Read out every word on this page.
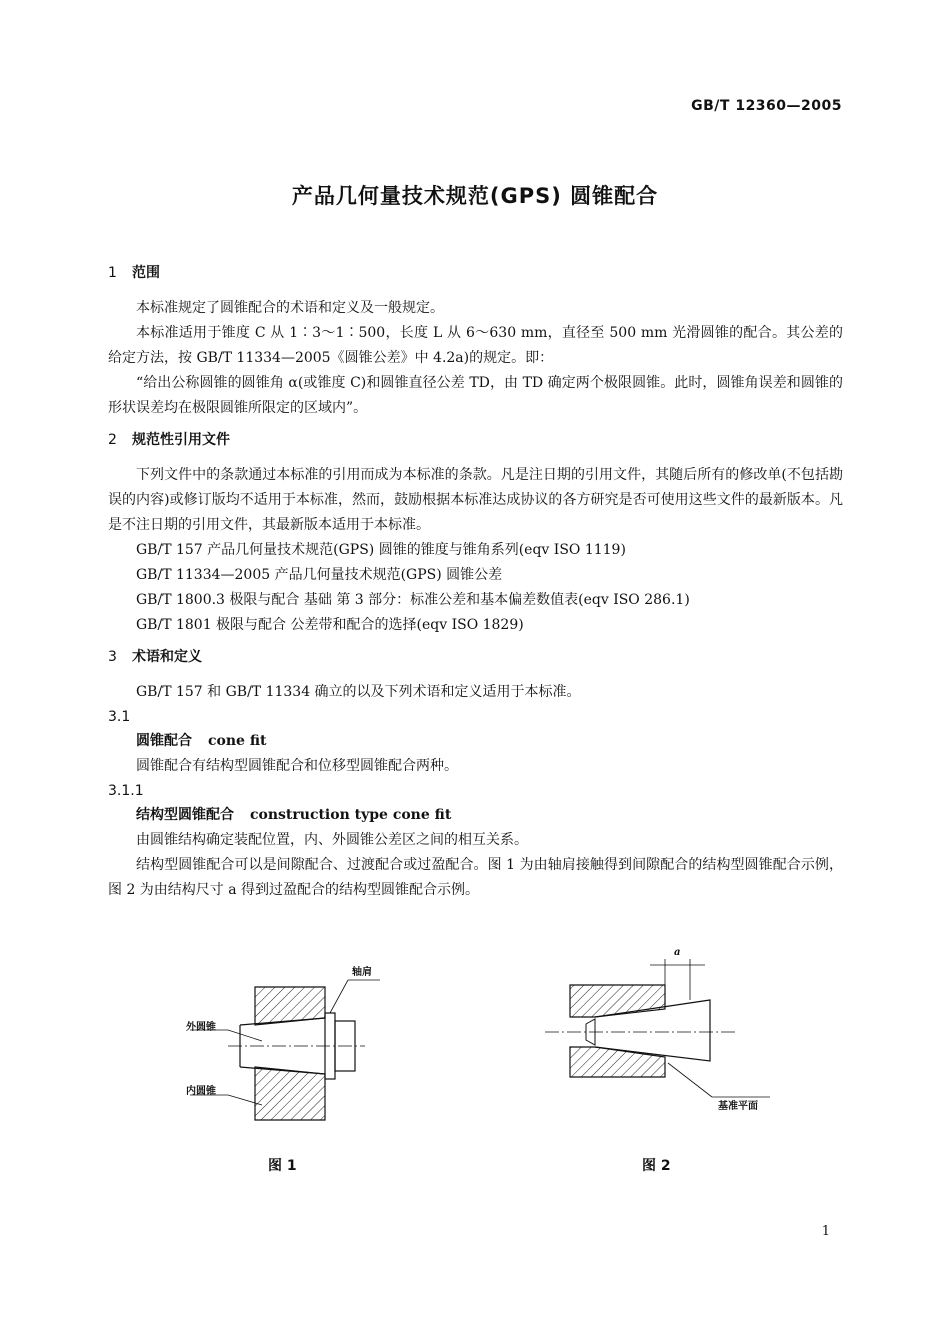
GB/T 12360—2005
产品几何量技术规范(GPS) 圆锥配合
1 范围

本标准规定了圆锥配合的术语和定义及一般规定。

本标准适用于锥度 C 从 1∶3～1∶500，长度 L 从 6～630 mm，直径至 500 mm 光滑圆锥的配合。其公差的给定方法，按 GB/T 11334—2005《圆锥公差》中 4.2a)的规定。即：

“给出公称圆锥的圆锥角 α(或锥度 C)和圆锥直径公差 TD，由 TD 确定两个极限圆锥。此时，圆锥角误差和圆锥的形状误差均在极限圆锥所限定的区域内”。

2 规范性引用文件

下列文件中的条款通过本标准的引用而成为本标准的条款。凡是注日期的引用文件，其随后所有的修改单(不包括勘误的内容)或修订版均不适用于本标准，然而，鼓励根据本标准达成协议的各方研究是否可使用这些文件的最新版本。凡是不注日期的引用文件，其最新版本适用于本标准。

GB/T 157 产品几何量技术规范(GPS) 圆锥的锥度与锥角系列(eqv ISO 1119)

GB/T 11334—2005 产品几何量技术规范(GPS) 圆锥公差

GB/T 1800.3 极限与配合 基础 第 3 部分：标准公差和基本偏差数值表(eqv ISO 286.1)

GB/T 1801 极限与配合 公差带和配合的选择(eqv ISO 1829)

3 术语和定义

GB/T 157 和 GB/T 11334 确立的以及下列术语和定义适用于本标准。

3.1

圆锥配合 cone fit

圆锥配合有结构型圆锥配合和位移型圆锥配合两种。

3.1.1

结构型圆锥配合 construction type cone fit

由圆锥结构确定装配位置，内、外圆锥公差区之间的相互关系。

结构型圆锥配合可以是间隙配合、过渡配合或过盈配合。图 1 为由轴肩接触得到间隙配合的结构型圆锥配合示例，图 2 为由结构尺寸 a 得到过盈配合的结构型圆锥配合示例。

轴肩
外圆锥
内圆锥
a
基准平面
图 1	图 2
1
